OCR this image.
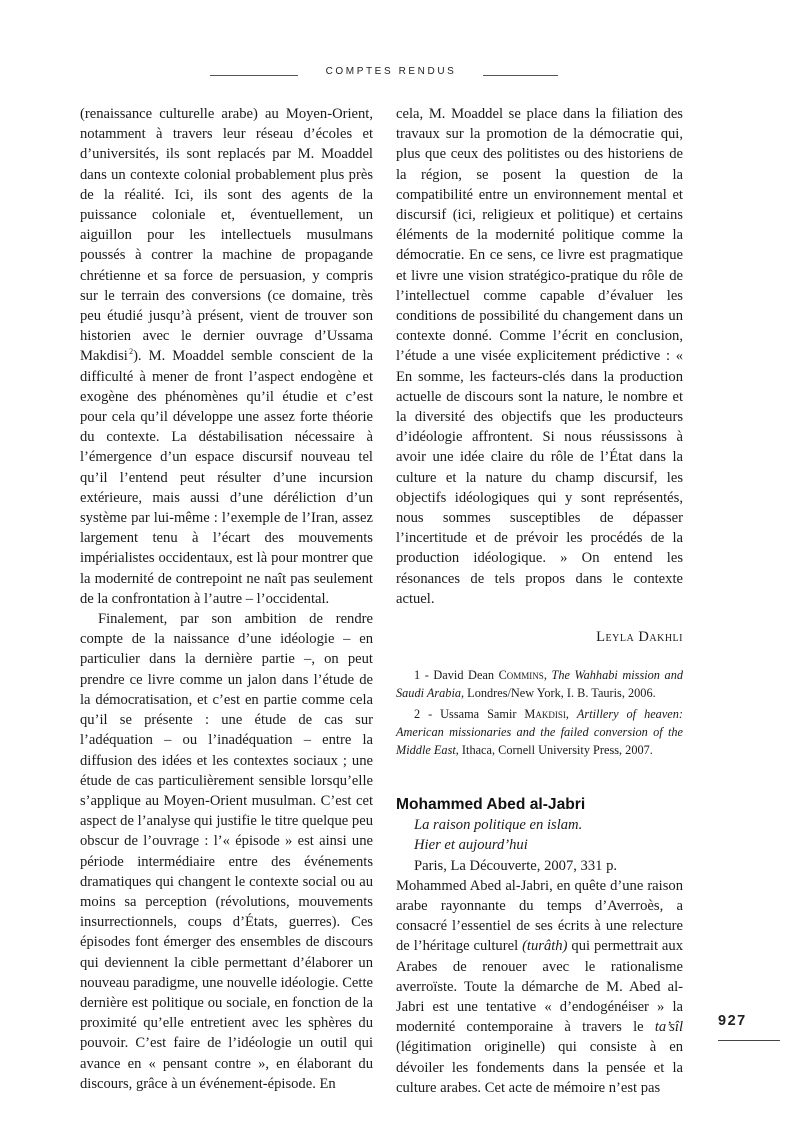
COMPTES RENDUS

(renaissance culturelle arabe) au Moyen-Orient, notamment à travers leur réseau d’écoles et d’universités, ils sont replacés par M. Moaddel dans un contexte colonial probablement plus près de la réalité. Ici, ils sont des agents de la puissance coloniale et, éventuellement, un aiguillon pour les intellectuels musulmans poussés à contrer la machine de propagande chrétienne et sa force de persuasion, y compris sur le terrain des conversions (ce domaine, très peu étudié jusqu’à présent, vient de trouver son historien avec le dernier ouvrage d’Ussama Makdisi $^2$). M. Moaddel semble conscient de la difficulté à mener de front l’aspect endogène et exogène des phénomènes qu’il étudie et c’est pour cela qu’il développe une assez forte théorie du contexte. La déstabilisation nécessaire à l’émergence d’un espace discursif nouveau tel qu’il l’entend peut résulter d’une incursion extérieure, mais aussi d’une déréliction d’un système par lui-même : l’exemple de l’Iran, assez largement tenu à l’écart des mouvements impérialistes occidentaux, est là pour montrer que la modernité de contrepoint ne naît pas seulement de la confrontation à l’autre – l’occidental.

Finalement, par son ambition de rendre compte de la naissance d’une idéologie – en particulier dans la dernière partie –, on peut prendre ce livre comme un jalon dans l’étude de la démocratisation, et c’est en partie comme cela qu’il se présente : une étude de cas sur l’adéquation – ou l’inadéquation – entre la diffusion des idées et les contextes sociaux ; une étude de cas particulièrement sensible lorsqu’elle s’applique au Moyen-Orient musulman. C’est cet aspect de l’analyse qui justifie le titre quelque peu obscur de l’ouvrage : l’« épisode » est ainsi une période intermédiaire entre des événements dramatiques qui changent le contexte social ou au moins sa perception (révolutions, mouvements insurrectionnels, coups d’États, guerres). Ces épisodes font émerger des ensembles de discours qui deviennent la cible permettant d’élaborer un nouveau paradigme, une nouvelle idéologie. Cette dernière est politique ou sociale, en fonction de la proximité qu’elle entretient avec les sphères du pouvoir. C’est faire de l’idéologie un outil qui avance en « pensant contre », en élaborant du discours, grâce à un événement-épisode. En

cela, M. Moaddel se place dans la filiation des travaux sur la promotion de la démocratie qui, plus que ceux des politistes ou des historiens de la région, se posent la question de la compatibilité entre un environnement mental et discursif (ici, religieux et politique) et certains éléments de la modernité politique comme la démocratie. En ce sens, ce livre est pragmatique et livre une vision stratégico-pratique du rôle de l’intellectuel comme capable d’évaluer les conditions de possibilité du changement dans un contexte donné. Comme l’écrit en conclusion, l’étude a une visée explicitement prédictive : « En somme, les facteurs-clés dans la production actuelle de discours sont la nature, le nombre et la diversité des objectifs que les producteurs d’idéologie affrontent. Si nous réussissons à avoir une idée claire du rôle de l’État dans la culture et la nature du champ discursif, les objectifs idéologiques qui y sont représentés, nous sommes susceptibles de dépasser l’incertitude et de prévoir les procédés de la production idéologique. » On entend les résonances de tels propos dans le contexte actuel.

Leyla Dakhli

1 - David Dean Commins, The Wahhabi mission and Saudi Arabia, Londres/New York, I. B. Tauris, 2006.

2 - Ussama Samir Makdisi, Artillery of heaven: American missionaries and the failed conversion of the Middle East, Ithaca, Cornell University Press, 2007.

Mohammed Abed al-Jabri
La raison politique en islam.
Hier et aujourd’hui
Paris, La Découverte, 2007, 331 p.

Mohammed Abed al-Jabri, en quête d’une raison arabe rayonnante du temps d’Averroès, a consacré l’essentiel de ses écrits à une relecture de l’héritage culturel (turâth) qui permettrait aux Arabes de renouer avec le rationalisme averroïste. Toute la démarche de M. Abed al-Jabri est une tentative « d’endogénéiser » la modernité contemporaine à travers le ta’sîl (légitimation originelle) qui consiste à en dévoiler les fondements dans la pensée et la culture arabes. Cet acte de mémoire n’est pas

927
